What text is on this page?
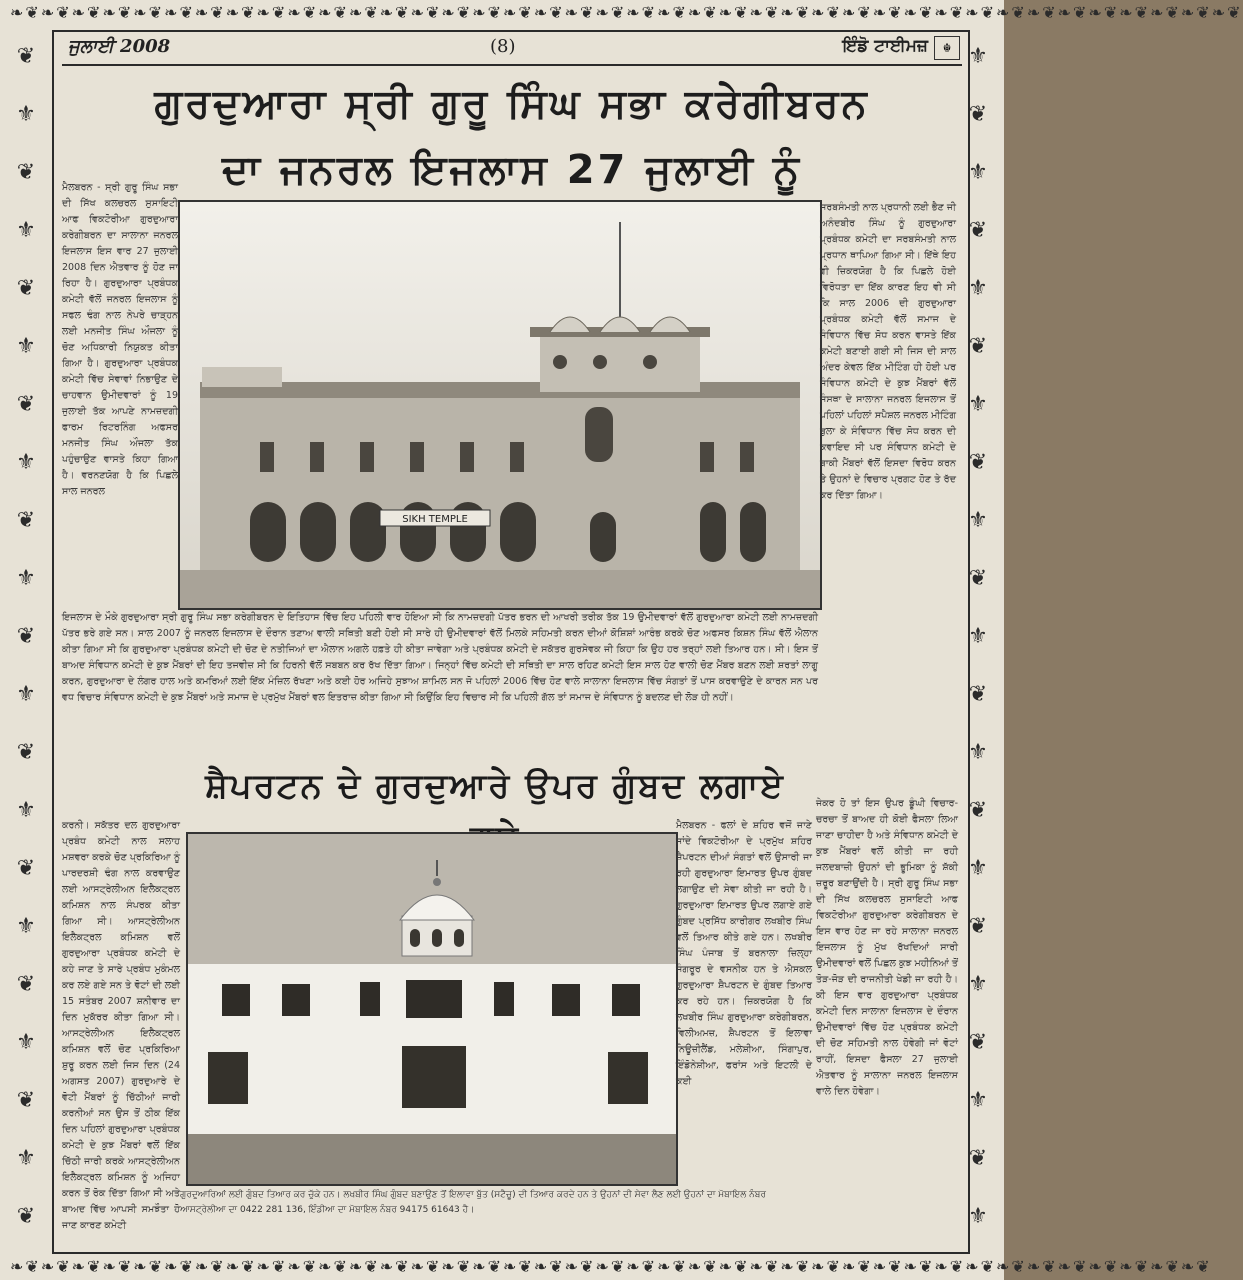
❧❦❧❦❧❦❧❦❧❦❧❦❧❦❧❦❧❦❧❦❧❦❧❦❧❦❧❦❧❦❧❦❧❦❧❦❧❦❧❦❧❦❧❦❧❦❧❦❧❦❧❦❧❦❧❦❧❦❧❦❧❦❧❦❧❦❧❦❧❦❧❦❧❦❧❦❧❦❧❦
❧❦❧❦❧❦❧❦❧❦❧❦❧❦❧❦❧❦❧❦❧❦❧❦❧❦❧❦❧❦❧❦❧❦❧❦❧❦❧❦❧❦❧❦❧❦❧❦❧❦❧❦❧❦❧❦❧❦❧❦❧❦❧❦❧❦❧❦❧❦❧❦❧❦❧❦❧❦
❦
⚜
❦
⚜
❦
⚜
❦
⚜
❦
⚜
❦
⚜
❦
⚜
❦
⚜
❦
⚜
❦
⚜
❦
⚜
❦
⚜
❦
⚜
❦
⚜
❦
⚜
❦
⚜
❦
⚜
❦
⚜
❦
⚜
❦
⚜
❦
⚜
ਜੁਲਾਈ 2008	(8)	ਇੰਡੋ ਟਾਈਮਜ਼	☬
ਗੁਰਦੁਆਰਾ ਸ੍ਰੀ ਗੁਰੂ ਸਿੰਘ ਸਭਾ ਕਰੇਗੀਬਰਨ
ਦਾ ਜਨਰਲ ਇਜਲਾਸ 27 ਜੁਲਾਈ ਨੂੰ
ਮੈਲਬਰਨ - ਸ੍ਰੀ ਗੁਰੂ ਸਿੰਘ ਸਭਾ ਦੀ ਸਿੱਖ ਕਲਚਰਲ ਸੁਸਾਇਟੀ ਆਫ ਵਿਕਟੋਰੀਆ ਗੁਰਦੁਆਰਾ ਕਰੇਗੀਬਰਨ ਦਾ ਸਾਲਾਨਾ ਜਨਰਲ ਇਜਲਾਸ ਇਸ ਵਾਰ 27 ਜੁਲਾਈ 2008 ਦਿਨ ਐਤਵਾਰ ਨੂੰ ਹੋਣ ਜਾ ਰਿਹਾ ਹੈ। ਗੁਰਦੁਆਰਾ ਪ੍ਰਬੰਧਕ ਕਮੇਟੀ ਵੱਲੋਂ ਜਨਰਲ ਇਜਲਾਸ ਨੂੰ ਸਫਲ ਢੰਗ ਨਾਲ ਨੇਪਰੇ ਚਾੜ੍ਹਨ ਲਈ ਮਨਜੀਤ ਸਿੰਘ ਔਜਲਾ ਨੂੰ ਚੋਣ ਅਧਿਕਾਰੀ ਨਿਯੁਕਤ ਕੀਤਾ ਗਿਆ ਹੈ। ਗੁਰਦੁਆਰਾ ਪ੍ਰਬੰਧਕ ਕਮੇਟੀ ਵਿੱਚ ਸੇਵਾਵਾਂ ਨਿਭਾਉਣ ਦੇ ਚਾਹਵਾਨ ਉਮੀਦਵਾਰਾਂ ਨੂੰ 19 ਜੁਲਾਈ ਤੱਕ ਆਪਣੇ ਨਾਮਜ਼ਦਗੀ ਫਾਰਮ ਰਿਟਰਨਿੰਗ ਅਫਸਰ ਮਨਜੀਤ ਸਿੰਘ ਔਜਲਾ ਤੱਕ ਪਹੁੰਚਾਉਣ ਵਾਸਤੇ ਕਿਹਾ ਗਿਆ ਹੈ। ਵਰਨਣਯੋਗ ਹੈ ਕਿ ਪਿਛਲੇ ਸਾਲ ਜਨਰਲ
SIKH TEMPLE
ਸਰਬਸੰਮਤੀ ਨਾਲ ਪ੍ਰਧਾਨੀ ਲਈ ਭੈਣ ਜੀ ਅਨੰਦਬੀਰ ਸਿੰਘ ਨੂੰ ਗੁਰਦੁਆਰਾ ਪ੍ਰਬੰਧਕ ਕਮੇਟੀ ਦਾ ਸਰਬਸੰਮਤੀ ਨਾਲ ਪ੍ਰਧਾਨ ਥਾਪਿਆ ਗਿਆ ਸੀ। ਇੱਥੇ ਇਹ ਵੀ ਜ਼ਿਕਰਯੋਗ ਹੈ ਕਿ ਪਿਛਲੇ ਹੋਈ ਵਿਰੋਧਤਾ ਦਾ ਇੱਕ ਕਾਰਣ ਇਹ ਵੀ ਸੀ ਕਿ ਸਾਲ 2006 ਦੀ ਗੁਰਦੁਆਰਾ ਪ੍ਰਬੰਧਕ ਕਮੇਟੀ ਵੱਲੋਂ ਸਮਾਜ ਦੇ ਸੰਵਿਧਾਨ ਵਿੱਚ ਸੋਧ ਕਰਨ ਵਾਸਤੇ ਇੱਕ ਕਮੇਟੀ ਬਣਾਈ ਗਈ ਸੀ ਜਿਸ ਦੀ ਸਾਲ ਅੰਦਰ ਕੇਵਲ ਇੱਕ ਮੀਟਿੰਗ ਹੀ ਹੋਈ ਪਰ ਸੰਵਿਧਾਨ ਕਮੇਟੀ ਦੇ ਕੁਝ ਮੈਂਬਰਾਂ ਵੱਲੋਂ ਸੰਸਥਾ ਦੇ ਸਾਲਾਨਾ ਜਨਰਲ ਇਜਲਾਸ ਤੋਂ ਪਹਿਲਾਂ ਪਹਿਲਾਂ ਸਪੈਸ਼ਲ ਜਨਰਲ ਮੀਟਿੰਗ ਬੁਲਾ ਕੇ ਸੰਵਿਧਾਨ ਵਿੱਚ ਸੋਧ ਕਰਨ ਦੀ ਕਵਾਇਦ ਸੀ ਪਰ ਸੰਵਿਧਾਨ ਕਮੇਟੀ ਦੇ ਬਾਕੀ ਮੈਂਬਰਾਂ ਵੱਲੋਂ ਇਸਦਾ ਵਿਰੋਧ ਕਰਨ ਤੇ ਉਹਨਾਂ ਦੇ ਵਿਚਾਰ ਪ੍ਰਗਟ ਹੋਣ ਤੇ ਰੱਦ ਕਰ ਦਿੱਤਾ ਗਿਆ।
ਇਜਲਾਸ ਦੇ ਮੌਕੇ ਗੁਰਦੁਆਰਾ ਸ੍ਰੀ ਗੁਰੂ ਸਿੰਘ ਸਭਾ ਕਰੇਗੀਬਰਨ ਦੇ ਇਤਿਹਾਸ ਵਿੱਚ ਇਹ ਪਹਿਲੀ ਵਾਰ ਹੋਇਆ ਸੀ ਕਿ ਨਾਮਜ਼ਦਗੀ ਪੱਤਰ ਭਰਨ ਦੀ ਆਖਰੀ ਤਰੀਕ ਤੱਕ 19 ਉਮੀਦਵਾਰਾਂ ਵੱਲੋਂ ਗੁਰਦੁਆਰਾ ਕਮੇਟੀ ਲਈ ਨਾਮਜ਼ਦਗੀ ਪੱਤਰ ਭਰੇ ਗਏ ਸਨ। ਸਾਲ 2007 ਨੂੰ ਜਨਰਲ ਇਜਲਾਸ ਦੇ ਦੌਰਾਨ ਤਣਾਅ ਵਾਲੀ ਸਥਿਤੀ ਬਣੀ ਹੋਈ ਸੀ ਸਾਰੇ ਹੀ ਉਮੀਦਵਾਰਾਂ ਵੱਲੋਂ ਮਿਲਕੇ ਸਹਿਮਤੀ ਕਰਨ ਦੀਆਂ ਕੋਸ਼ਿਸ਼ਾਂ ਆਰੰਭ ਕਰਕੇ ਚੋਣ ਅਫਸਰ ਕਿਸ਼ਨ ਸਿੰਘ ਵੱਲੋਂ ਐਲਾਨ ਕੀਤਾ ਗਿਆ ਸੀ ਕਿ ਗੁਰਦੁਆਰਾ ਪ੍ਰਬੰਧਕ ਕਮੇਟੀ ਦੀ ਚੋਣ ਦੇ ਨਤੀਜਿਆਂ ਦਾ ਐਲਾਨ ਅਗਲੇ ਹਫ਼ਤੇ ਹੀ ਕੀਤਾ ਜਾਵੇਗਾ ਅਤੇ ਪ੍ਰਬੰਧਕ ਕਮੇਟੀ ਦੇ ਸਕੱਤਰ ਗੁਰਸੇਵਕ ਜੀ ਕਿਹਾ ਕਿ ਉਹ ਹਰ ਤਰ੍ਹਾਂ ਲਈ ਤਿਆਰ ਹਨ। ਸੀ। ਇਸ ਤੋਂ ਬਾਅਦ ਸੰਵਿਧਾਨ ਕਮੇਟੀ ਦੇ ਕੁਝ ਮੈਂਬਰਾਂ ਦੀ ਇਹ ਤਜਵੀਜ਼ ਸੀ ਕਿ ਹਿਰਨੀ ਵੱਲੋਂ ਸਬਬਨ ਕਰ ਰੱਖ ਦਿੱਤਾ ਗਿਆ। ਜਿਨ੍ਹਾਂ ਵਿੱਚ ਕਮੇਟੀ ਦੀ ਸਥਿਤੀ ਦਾ ਸਾਲ ਰਹਿਣ ਕਮੇਟੀ ਇਸ ਸਾਲ ਹੋਣ ਵਾਲੀ ਚੋਣ ਮੈਂਬਰ ਬਣਨ ਲਈ ਸ਼ਰਤਾਂ ਲਾਗੂ ਕਰਨ, ਗੁਰਦੁਆਰਾ ਦੇ ਲੰਗਰ ਹਾਲ ਅਤੇ ਕਮਰਿਆਂ ਲਈ ਇੱਕ ਮੰਜ਼ਿਲ ਰੱਖਣਾ ਅਤੇ ਕਈ ਹੋਰ ਅਜਿਹੇ ਸੁਝਾਅ ਸ਼ਾਮਿਲ ਸਨ ਜੋ ਪਹਿਲਾਂ 2006 ਵਿੱਚ ਹੋਣ ਵਾਲੇ ਸਾਲਾਨਾ ਇਜਲਾਸ ਵਿੱਚ ਸੰਗਤਾਂ ਤੋਂ ਪਾਸ ਕਰਵਾਉਣੇ ਦੇ ਕਾਰਨ ਸਨ ਪਰ ਵਧ ਵਿਚਾਰ ਸੰਵਿਧਾਨ ਕਮੇਟੀ ਦੇ ਕੁਝ ਮੈਂਬਰਾਂ ਅਤੇ ਸਮਾਜ ਦੇ ਪ੍ਰਮੁੱਖ ਮੈਂਬਰਾਂ ਵਲ ਇਤਰਾਜ਼ ਕੀਤਾ ਗਿਆ ਸੀ ਕਿਉਂਕਿ ਇਹ ਵਿਚਾਰ ਸੀ ਕਿ ਪਹਿਲੀ ਗੱਲ ਤਾਂ ਸਮਾਜ ਦੇ ਸੰਵਿਧਾਨ ਨੂੰ ਬਦਲਣ ਦੀ ਲੋੜ ਹੀ ਨਹੀਂ।
ਸ਼ੈਪਰਟਨ ਦੇ ਗੁਰਦੁਆਰੇ ਉਪਰ ਗੁੰਬਦ ਲਗਾਏ
ਕਰਨੀ। ਸਕੱਤਰ ਦਲ ਗੁਰਦੁਆਰਾ ਪ੍ਰਬੰਧ ਕਮੇਟੀ ਨਾਲ ਸਲਾਹ ਮਸ਼ਵਰਾ ਕਰਕੇ ਚੋਣ ਪ੍ਰਕਿਰਿਆ ਨੂੰ ਪਾਰਦਰਸ਼ੀ ਢੰਗ ਨਾਲ ਕਰਵਾਉਣ ਲਈ ਆਸਟ੍ਰੇਲੀਅਨ ਇਲੈਕਟ੍ਰਲ ਕਮਿਸ਼ਨ ਨਾਲ ਸੰਪਰਕ ਕੀਤਾ ਗਿਆ ਸੀ। ਆਸਟ੍ਰੇਲੀਅਨ ਇਲੈਕਟ੍ਰਲ ਕਮਿਸ਼ਨ ਵਲੋਂ ਗੁਰਦੁਆਰਾ ਪ੍ਰਬੰਧਕ ਕਮੇਟੀ ਦੇ ਕਹੇ ਜਾਣ ਤੇ ਸਾਰੇ ਪ੍ਰਬੰਧ ਮੁਕੰਮਲ ਕਰ ਲਏ ਗਏ ਸਨ ਤੇ ਵੋਟਾਂ ਦੀ ਲਈ 15 ਸਤੰਬਰ 2007 ਸ਼ਨੀਵਾਰ ਦਾ ਦਿਨ ਮੁਕੱਰਰ ਕੀਤਾ ਗਿਆ ਸੀ। ਆਸਟ੍ਰੇਲੀਅਨ ਇਲੈਕਟ੍ਰਲ ਕਮਿਸ਼ਨ ਵਲੋਂ ਚੋਣ ਪ੍ਰਕਿਰਿਆ ਸ਼ੁਰੂ ਕਰਨ ਲਈ ਜਿਸ ਦਿਨ (24 ਅਗਸਤ 2007) ਗੁਰਦੁਆਰੇ ਦੇ ਵੋਟੀ ਮੈਂਬਰਾਂ ਨੂੰ ਚਿੱਠੀਆਂ ਜਾਰੀ ਕਰਨੀਆਂ ਸਨ ਉਸ ਤੋਂ ਠੀਕ ਇੱਕ ਦਿਨ ਪਹਿਲਾਂ ਗੁਰਦੁਆਰਾ ਪ੍ਰਬੰਧਕ ਕਮੇਟੀ ਦੇ ਕੁਝ ਮੈਂਬਰਾਂ ਵਲੋਂ ਇੱਕ ਚਿੱਠੀ ਜਾਰੀ ਕਰਕੇ ਆਸਟ੍ਰੇਲੀਅਨ ਇਲੈਕਟ੍ਰਲ ਕਮਿਸ਼ਨ ਨੂੰ ਅਜਿਹਾ ਕਰਨ ਤੋਂ ਰੋਕ ਦਿੱਤਾ ਗਿਆ ਸੀ ਅਤੇ ਬਾਅਦ ਵਿੱਚ ਆਪਸੀ ਸਮਝੌਤਾ ਹੋ ਜਾਣ ਕਾਰਣ ਕਮੇਟੀ
ਮੈਲਬਰਨ - ਫਲਾਂ ਦੇ ਸ਼ਹਿਰ ਵਜੋਂ ਜਾਣੇ ਜਾਂਦੇ ਵਿਕਟੋਰੀਆ ਦੇ ਪ੍ਰਮੁੱਖ ਸ਼ਹਿਰ ਸ਼ੈਪਰਟਨ ਦੀਆਂ ਸੰਗਤਾਂ ਵਲੋਂ ਉਸਾਰੀ ਜਾ ਰਹੀ ਗੁਰਦੁਆਰਾ ਇਮਾਰਤ ਉਪਰ ਗੁੰਬਦ ਲਗਾਉਣ ਦੀ ਸੇਵਾ ਕੀਤੀ ਜਾ ਰਹੀ ਹੈ। ਗੁਰਦੁਆਰਾ ਇਮਾਰਤ ਉਪਰ ਲਗਾਏ ਗਏ ਗੁੰਬਦ ਪ੍ਰਸਿੱਧ ਕਾਰੀਗਰ ਲਖਬੀਰ ਸਿੰਘ ਵਲੋਂ ਤਿਆਰ ਕੀਤੇ ਗਏ ਹਨ। ਲਖਬੀਰ ਸਿੰਘ ਪੰਜਾਬ ਤੋਂ ਬਰਨਾਲਾ ਜ਼ਿਲ੍ਹਾ ਸੰਗਰੂਰ ਦੇ ਵਸਨੀਕ ਹਨ ਤੇ ਐਸਕਲ ਗੁਰਦੁਆਰਾ ਸ਼ੈਪਰਟਨ ਦੇ ਗੁੰਬਦ ਤਿਆਰ ਕਰ ਰਹੇ ਹਨ। ਜ਼ਿਕਰਯੋਗ ਹੈ ਕਿ ਲਖਬੀਰ ਸਿੰਘ ਗੁਰਦੁਆਰਾ ਕਰੇਗੀਬਰਨ, ਵਿਲੀਅਮਜ਼, ਸ਼ੈਪਰਟਨ ਤੋਂ ਇਲਾਵਾ ਨਿਊਜ਼ੀਲੈਂਡ, ਮਲੇਸ਼ੀਆ, ਸਿੰਗਾਪੁਰ, ਇੰਡੋਨੇਸ਼ੀਆ, ਫਰਾਂਸ ਅਤੇ ਇਟਲੀ ਦੇ ਕਈ
ਜੇਕਰ ਹੋ ਤਾਂ ਇਸ ਉਪਰ ਡੂੰਘੀ ਵਿਚਾਰ-ਚਰਚਾ ਤੋਂ ਬਾਅਦ ਹੀ ਕੋਈ ਫੈਸਲਾ ਲਿਆ ਜਾਣਾ ਚਾਹੀਦਾ ਹੈ ਅਤੇ ਸੰਵਿਧਾਨ ਕਮੇਟੀ ਦੇ ਕੁਝ ਮੈਂਬਰਾਂ ਵਲੋਂ ਕੀਤੀ ਜਾ ਰਹੀ ਜਲਦਬਾਜ਼ੀ ਉਹਨਾਂ ਦੀ ਭੂਮਿਕਾ ਨੂੰ ਸ਼ੱਕੀ ਜ਼ਰੂਰ ਬਣਾਉਂਦੀ ਹੈ। ਸ੍ਰੀ ਗੁਰੂ ਸਿੰਘ ਸਭਾ ਦੀ ਸਿੱਖ ਕਲਚਰਲ ਸੁਸਾਇਟੀ ਆਫ ਵਿਕਟੋਰੀਆ ਗੁਰਦੁਆਰਾ ਕਰੇਗੀਬਰਨ ਦੇ ਇਸ ਵਾਰ ਹੋਣ ਜਾ ਰਹੇ ਸਾਲਾਨਾ ਜਨਰਲ ਇਜਲਾਸ ਨੂੰ ਮੁੱਖ ਰੱਖਦਿਆਂ ਸਾਰੀ ਉਮੀਦਵਾਰਾਂ ਵਲੋਂ ਪਿਛਲ ਕੁਝ ਮਹੀਨਿਆਂ ਤੋਂ ਤੋੜ-ਜੋੜ ਦੀ ਰਾਜਨੀਤੀ ਖੇਡੀ ਜਾ ਰਹੀ ਹੈ। ਕੀ ਇਸ ਵਾਰ ਗੁਰਦੁਆਰਾ ਪ੍ਰਬੰਧਕ ਕਮੇਟੀ ਦਿਨ ਸਾਲਾਨਾ ਇਜਲਾਸ ਦੇ ਦੌਰਾਨ ਉਮੀਦਵਾਰਾਂ ਵਿੱਚ ਹੋਣ ਪ੍ਰਬੰਧਕ ਕਮੇਟੀ ਦੀ ਚੋਣ ਸਹਿਮਤੀ ਨਾਲ ਹੋਵੇਗੀ ਜਾਂ ਵੋਟਾਂ ਰਾਹੀਂ, ਇਸਦਾ ਫੈਸਲਾ 27 ਜੁਲਾਈ ਐਤਵਾਰ ਨੂੰ ਸਾਲਾਨਾ ਜਨਰਲ ਇਜਲਾਸ ਵਾਲੇ ਦਿਨ ਹੋਵੇਗਾ।
ਗੁਰਦੁਆਰਿਆਂ ਲਈ ਗੁੰਬਦ ਤਿਆਰ ਕਰ ਚੁੱਕੇ ਹਨ। ਲਖਬੀਰ ਸਿੰਘ ਗੁੰਬਦ ਬਣਾਉਣ ਤੋਂ ਇਲਾਵਾ ਬੁੱਤ (ਸਟੈਚੂ) ਦੀ ਤਿਆਰ ਕਰਦੇ ਹਨ ਤੇ ਉਹਨਾਂ ਦੀ ਸੇਵਾ ਲੈਣ ਲਈ ਉਹਨਾਂ ਦਾ ਮੋਬਾਇਲ ਨੰਬਰ ਆਸਟ੍ਰੇਲੀਆ ਦਾ 0422 281 136, ਇੰਡੀਆ ਦਾ ਮੋਬਾਇਲ ਨੰਬਰ 94175 61643 ਹੈ।
